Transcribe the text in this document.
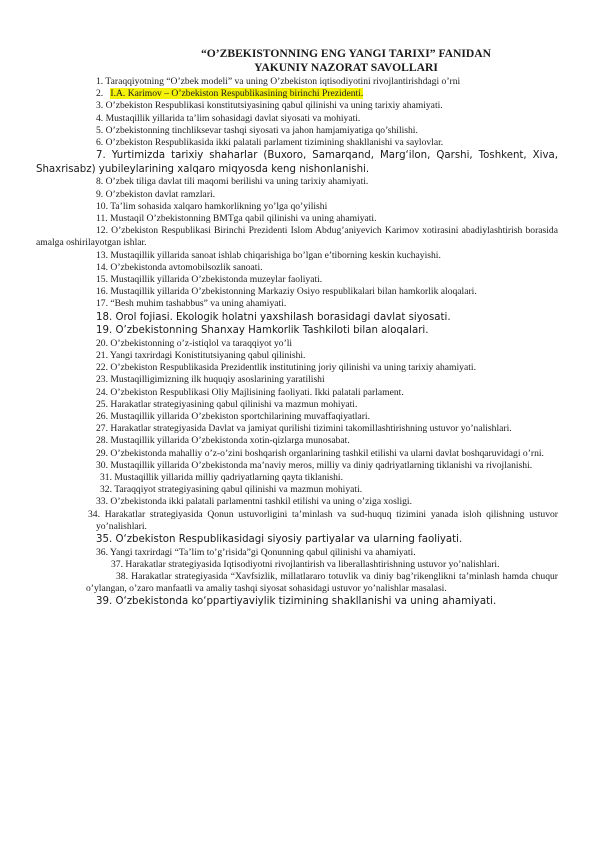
“O’ZBEKISTONNING ENG YANGI TARIXI” FANIDAN

YAKUNIY NAZORAT SAVOLLARI

1. Taraqqiyotning “O’zbek modeli” va uning O’zbekiston iqtisodiyotini rivojlantirishdagi o’rni

2. I.A. Karimov – O’zbekiston Respublikasining birinchi Prezidenti.

3. O’zbekiston Respublikasi konstitutsiyasining qabul qilinishi va uning tarixiy ahamiyati.

4. Mustaqillik yillarida ta’lim sohasidagi davlat siyosati va mohiyati.

5. O’zbekistonning tinchliksevar tashqi siyosati va jahon hamjamiyatiga qo’shilishi.

6. O’zbekiston Respublikasida ikki palatali parlament tizimining shakllanishi va saylovlar.

7. Yurtimizda tarixiy shaharlar (Buxoro, Samarqand, Marg‘ilon, Qarshi, Toshkent, Xiva, Shaxrisabz) yubileylarining xalqaro miqyosda keng nishonlanishi.

8. O’zbek tiliga davlat tili maqomi berilishi va uning tarixiy ahamiyati.

9. O’zbekiston davlat ramzlari.

10. Ta’lim sohasida xalqaro hamkorlikning yo’lga qo’yilishi

11. Mustaqil O’zbekistonning BMTga qabil qilinishi va uning ahamiyati.

12. O’zbekiston Respublikasi Birinchi Prezidenti Islom Abdug’aniyevich Karimov xotirasini abadiylashtirish borasida amalga oshirilayotgan ishlar.

13. Mustaqillik yillarida sanoat ishlab chiqarishiga bo’lgan e’tiborning keskin kuchayishi.

14. O’zbekistonda avtomobilsozlik sanoati.

15. Mustaqillik yillarida O’zbekistonda muzeylar faoliyati.

16. Mustaqillik yillarida O’zbekistonning Markaziy Osiyo respublikalari bilan hamkorlik aloqalari.

17. “Besh muhim tashabbus” va uning ahamiyati.

18. Orol fojiasi. Ekologik holatni yaxshilash borasidagi davlat siyosati.

19. O’zbekistonning Shanxay Hamkorlik Tashkiloti bilan aloqalari.

20. O’zbekistonning o’z-istiqlol va taraqqiyot yo’li

21. Yangi taxrirdagi Konistitutsiyaning qabul qilinishi.

22. O’zbekiston Respublikasida Prezidentlik institutining joriy qilinishi va uning tarixiy ahamiyati.

23. Mustaqilligimizning ilk huquqiy asoslarining yaratilishi

24. O’zbekiston Respublikasi Oliy Majlisining faoliyati. Ikki palatali parlament.

25. Harakatlar strategiyasining qabul qilinishi va mazmun mohiyati.

26. Mustaqillik yillarida O’zbekiston sportchilarining muvaffaqiyatlari.

27. Harakatlar strategiyasida Davlat va jamiyat qurilishi tizimini takomillashtirishning ustuvor yo’nalishlari.

28. Mustaqillik yillarida O’zbekistonda xotin-qizlarga munosabat.

29. O’zbekistonda mahalliy o’z-o’zini boshqarish organlarining tashkil etilishi va ularni davlat boshqaruvidagi o’rni.

30. Mustaqillik yillarida O’zbekistonda ma’naviy meros, milliy va diniy qadriyatlarning tiklanishi va rivojlanishi.

31. Mustaqillik yillarida milliy qadriyatlarning qayta tiklanishi.

32. Taraqqiyot strategiyasining qabul qilinishi va mazmun mohiyati.

33. O’zbekistonda ikki palatali parlamentni tashkil etilishi va uning o’ziga xosligi.

34. Harakatlar strategiyasida Qonun ustuvorligini ta’minlash va sud-huquq tizimini yanada isloh qilishning ustuvor yo’nalishlari.

35. O‘zbekiston Respublikasidagi siyosiy partiyalar va ularning faoliyati.

36. Yangi taxrirdagi “Ta’lim to’g’risida”gi Qonunning qabul qilinishi va ahamiyati.

37. Harakatlar strategiyasida Iqtisodiyotni rivojlantirish va liberallashtirishning ustuvor yo’nalishlari.

38. Harakatlar strategiyasida “Xavfsizlik, millatlararo totuvlik va diniy bag’rikenglikni ta’minlash hamda chuqur o’ylangan, o’zaro manfaatli va amaliy tashqi siyosat sohasidagi ustuvor yo’nalishlar masalasi.

39. O‘zbekistonda ko‘ppartiyaviylik tizimining shakllanishi va uning ahamiyati.
